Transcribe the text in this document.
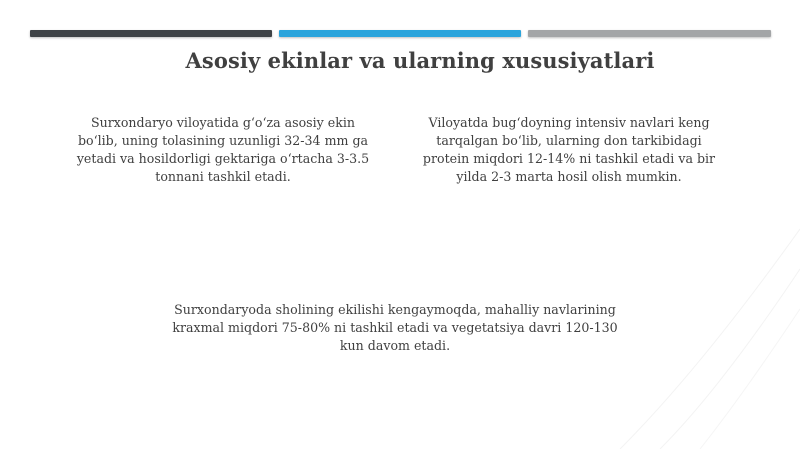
Asosiy ekinlar va ularning xususiyatlari

Surxondaryo viloyatida gʻoʻza asosiy ekin
boʻlib, uning tolasining uzunligi 32-34 mm ga
yetadi va hosildorligi gektariga oʻrtacha 3-3.5
tonnani tashkil etadi.

Viloyatda bugʻdoyning intensiv navlari keng
tarqalgan boʻlib, ularning don tarkibidagi
protein miqdori 12-14% ni tashkil etadi va bir
yilda 2-3 marta hosil olish mumkin.

Surxondaryoda sholining ekilishi kengaymoqda, mahalliy navlarining
kraxmal miqdori 75-80% ni tashkil etadi va vegetatsiya davri 120-130
kun davom etadi.
